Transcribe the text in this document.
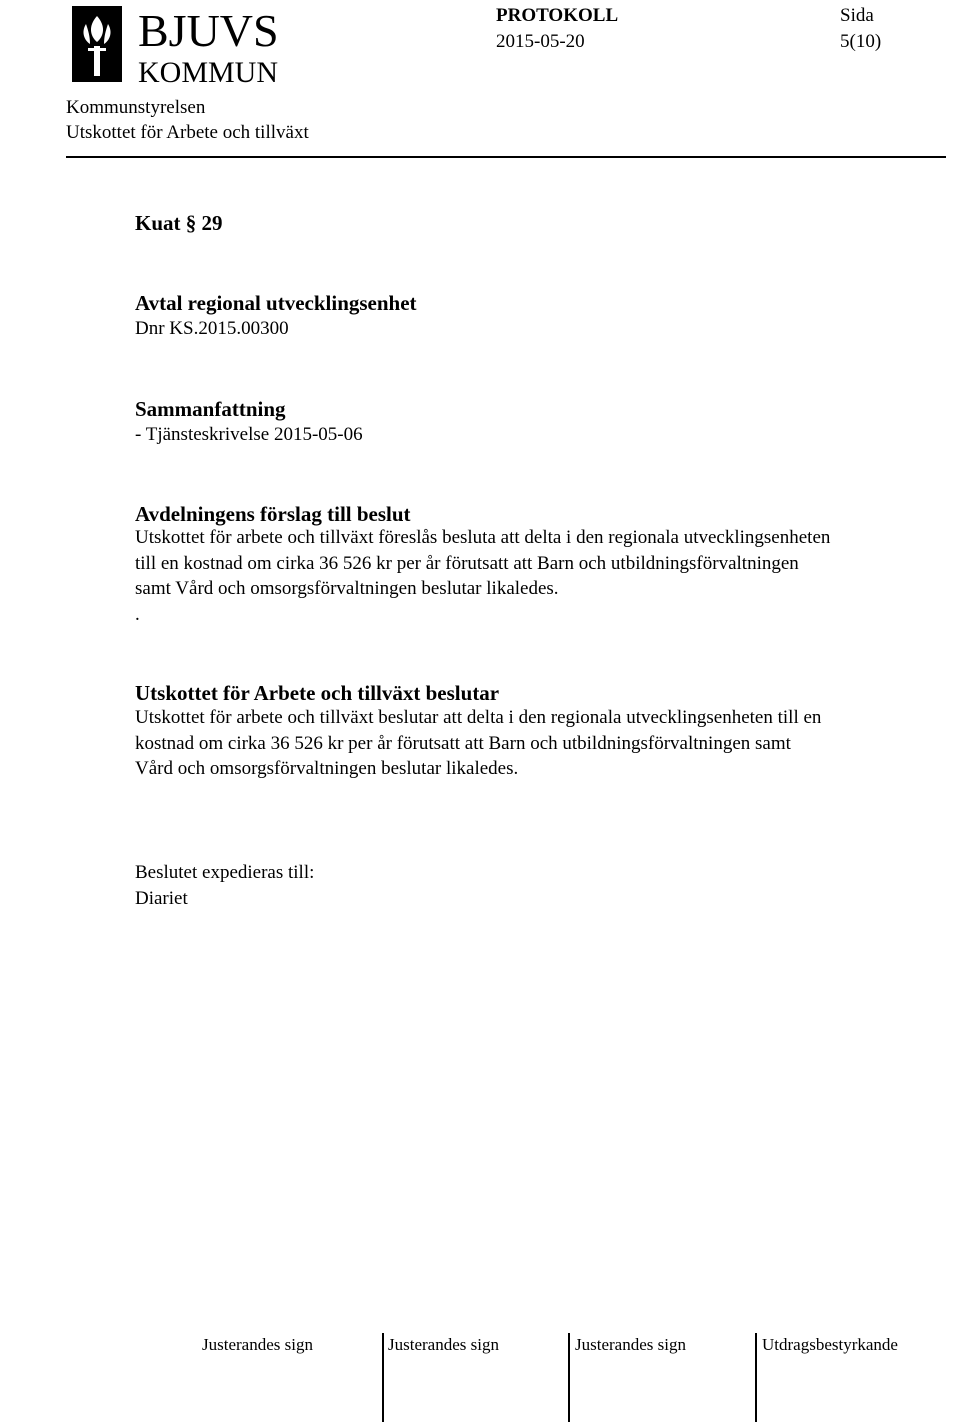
BJUVS
KOMMUN
PROTOKOLL
2015-05-20
Sida
5(10)
Kommunstyrelsen
Utskottet för Arbete och tillväxt
Kuat § 29
Avtal regional utvecklingsenhet
Dnr KS.2015.00300
Sammanfattning
- Tjänsteskrivelse 2015-05-06
Avdelningens förslag till beslut
Utskottet för arbete och tillväxt föreslås besluta att delta i den regionala utvecklingsenheten
till en kostnad om cirka 36 526 kr per år förutsatt att Barn och utbildningsförvaltningen
samt Vård och omsorgsförvaltningen beslutar likaledes.
.
Utskottet för Arbete och tillväxt beslutar
Utskottet för arbete och tillväxt beslutar att delta i den regionala utvecklingsenheten till en
kostnad om cirka 36 526 kr per år förutsatt att Barn och utbildningsförvaltningen samt
Vård och omsorgsförvaltningen beslutar likaledes.
Beslutet expedieras till:
Diariet
Justerandes sign	Justerandes sign	Justerandes sign	Utdragsbestyrkande
